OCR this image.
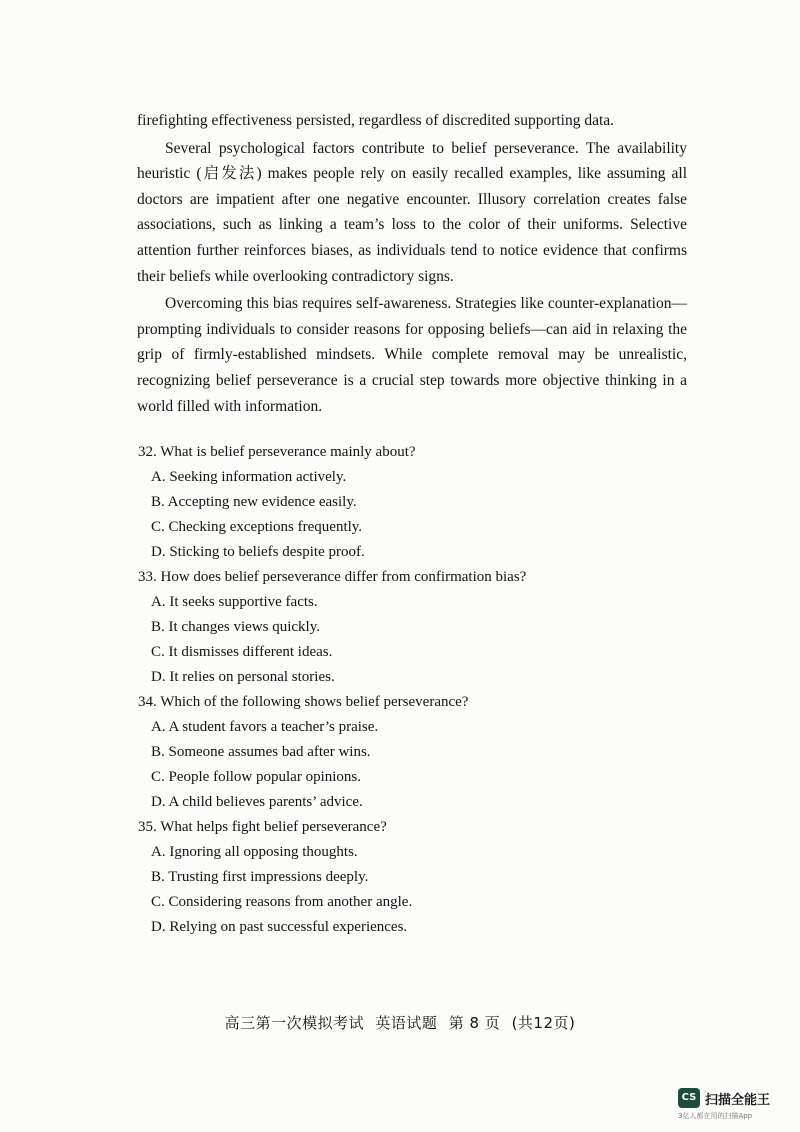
firefighting effectiveness persisted, regardless of discredited supporting data.

Several psychological factors contribute to belief perseverance. The availability heuristic (启发法) makes people rely on easily recalled examples, like assuming all doctors are impatient after one negative encounter. Illusory correlation creates false associations, such as linking a team’s loss to the color of their uniforms. Selective attention further reinforces biases, as individuals tend to notice evidence that confirms their beliefs while overlooking contradictory signs.

Overcoming this bias requires self-awareness. Strategies like counter-explanation—prompting individuals to consider reasons for opposing beliefs—can aid in relaxing the grip of firmly-established mindsets. While complete removal may be unrealistic, recognizing belief perseverance is a crucial step towards more objective thinking in a world filled with information.

32. What is belief perseverance mainly about?
A. Seeking information actively.
B. Accepting new evidence easily.
C. Checking exceptions frequently.
D. Sticking to beliefs despite proof.
33. How does belief perseverance differ from confirmation bias?
A. It seeks supportive facts.
B. It changes views quickly.
C. It dismisses different ideas.
D. It relies on personal stories.
34. Which of the following shows belief perseverance?
A. A student favors a teacher’s praise.
B. Someone assumes bad after wins.
C. People follow popular opinions.
D. A child believes parents’ advice.
35. What helps fight belief perseverance?
A. Ignoring all opposing thoughts.
B. Trusting first impressions deeply.
C. Considering reasons from another angle.
D. Relying on past successful experiences.
高三第一次模拟考试 英语试题 第 8 页 (共12页)
CS 扫描全能王
3亿人都在用的扫描App
